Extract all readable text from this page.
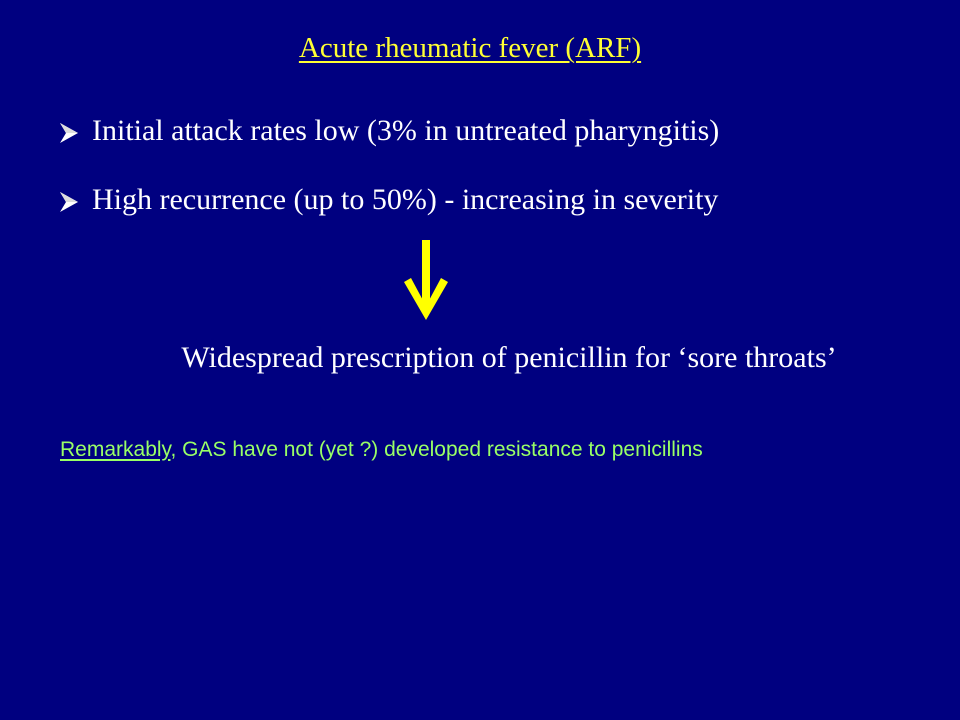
Acute rheumatic fever (ARF)
Initial attack rates low (3% in untreated pharyngitis)
High recurrence (up to 50%) - increasing in severity
Widespread prescription of penicillin for ‘sore throats’
Remarkably, GAS have not (yet ?) developed resistance to penicillins
